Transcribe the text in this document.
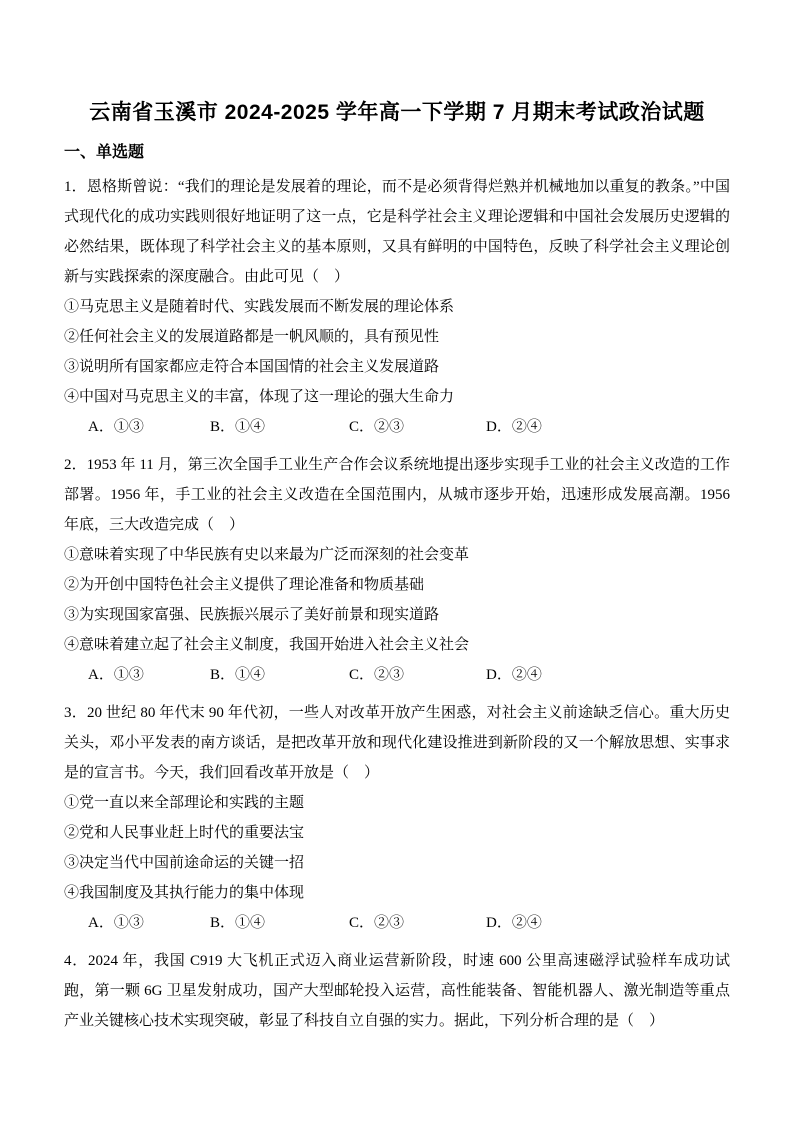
云南省玉溪市 2024-2025 学年高一下学期 7 月期末考试政治试题
一、单选题

1．恩格斯曾说：“我们的理论是发展着的理论，而不是必须背得烂熟并机械地加以重复的教条。”中国式现代化的成功实践则很好地证明了这一点，它是科学社会主义理论逻辑和中国社会发展历史逻辑的必然结果，既体现了科学社会主义的基本原则，又具有鲜明的中国特色，反映了科学社会主义理论创新与实践探索的深度融合。由此可见（　）

①马克思主义是随着时代、实践发展而不断发展的理论体系

②任何社会主义的发展道路都是一帆风顺的，具有预见性

③说明所有国家都应走符合本国国情的社会主义发展道路

④中国对马克思主义的丰富，体现了这一理论的强大生命力

A．①③	B．①④	C．②③	D．②④

2．1953 年 11 月，第三次全国手工业生产合作会议系统地提出逐步实现手工业的社会主义改造的工作部署。1956 年，手工业的社会主义改造在全国范围内，从城市逐步开始，迅速形成发展高潮。1956 年底，三大改造完成（　）

①意味着实现了中华民族有史以来最为广泛而深刻的社会变革

②为开创中国特色社会主义提供了理论准备和物质基础

③为实现国家富强、民族振兴展示了美好前景和现实道路

④意味着建立起了社会主义制度，我国开始进入社会主义社会

A．①③	B．①④	C．②③	D．②④

3．20 世纪 80 年代末 90 年代初，一些人对改革开放产生困惑，对社会主义前途缺乏信心。重大历史关头，邓小平发表的南方谈话，是把改革开放和现代化建设推进到新阶段的又一个解放思想、实事求是的宣言书。今天，我们回看改革开放是（　）

①党一直以来全部理论和实践的主题

②党和人民事业赶上时代的重要法宝

③决定当代中国前途命运的关键一招

④我国制度及其执行能力的集中体现

A．①③	B．①④	C．②③	D．②④

4．2024 年，我国 C919 大飞机正式迈入商业运营新阶段，时速 600 公里高速磁浮试验样车成功试跑，第一颗 6G 卫星发射成功，国产大型邮轮投入运营，高性能装备、智能机器人、激光制造等重点产业关键核心技术实现突破，彰显了科技自立自强的实力。据此，下列分析合理的是（　）
